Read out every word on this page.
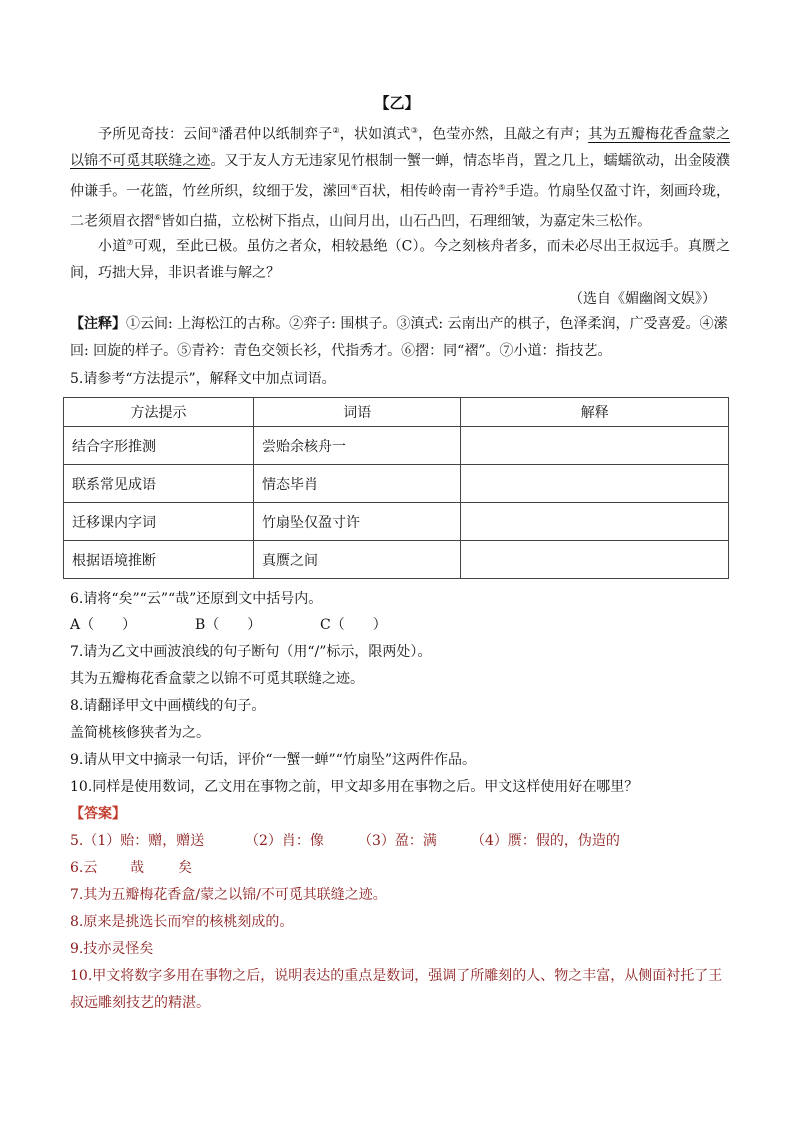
【乙】
予所见奇技：云间①潘君仲以纸制弈子②，状如滇式③，色莹亦然，且敲之有声；其为五瓣梅花香盒蒙之以锦不可觅其联缝之迹。又于友人方无违家见竹根制一蟹一蝉，情态毕肖，置之几上，蠕蠕欲动，出金陵濮仲谦手。一花篮，竹丝所织，纹细于发，潆回④百状，相传岭南一青衿⑤手造。竹扇坠仅盈寸许，刻画玲珑，二老须眉衣摺⑥皆如白描，立松树下指点，山间月出，山石凸凹，石理细皱，为嘉定朱三松作。
小道⑦可观，至此已极。虽仿之者众，相较悬绝（C）。今之刻核舟者多，而未必尽出王叔远手。真赝之间，巧拙大异，非识者谁与解之？
（选自《媚幽阁文娱》）
【注释】①云间: 上海松江的古称。②弈子: 围棋子。③滇式: 云南出产的棋子，色泽柔润，广受喜爱。④潆
回: 回旋的样子。⑤青衿：青色交领长衫，代指秀才。⑥摺：同“褶”。⑦小道：指技艺。
5.请参考“方法提示”，解释文中加点词语。
方法提示	词语	解释
结合字形推测	尝贻余核舟一	
联系常见成语	情态毕肖	
迁移课内字词	竹扇坠仅盈寸许	
根据语境推断	真赝之间	
6.请将“矣”“云”“哉”还原到文中括号内。
A（　　）	B（　　）	C（　　）
7.请为乙文中画波浪线的句子断句（用“/”标示，限两处）。
其为五瓣梅花香盒蒙之以锦不可觅其联缝之迹。
8.请翻译甲文中画横线的句子。
盖简桃核修狭者为之。
9.请从甲文中摘录一句话，评价“一蟹一蝉”“竹扇坠”这两件作品。
10.同样是使用数词，乙文用在事物之前，甲文却多用在事物之后。甲文这样使用好在哪里？
【答案】
5.（1）贻：赠，赠送	（2）肖：像 （3）盈：满 （4）赝：假的，伪造的
6.云 哉 矣
7.其为五瓣梅花香盒/蒙之以锦/不可觅其联缝之迹。
8.原来是挑选长而窄的核桃刻成的。
9.技亦灵怪矣
10.甲文将数字多用在事物之后，说明表达的重点是数词，强调了所雕刻的人、物之丰富，从侧面衬托了王
叔远雕刻技艺的精湛。
